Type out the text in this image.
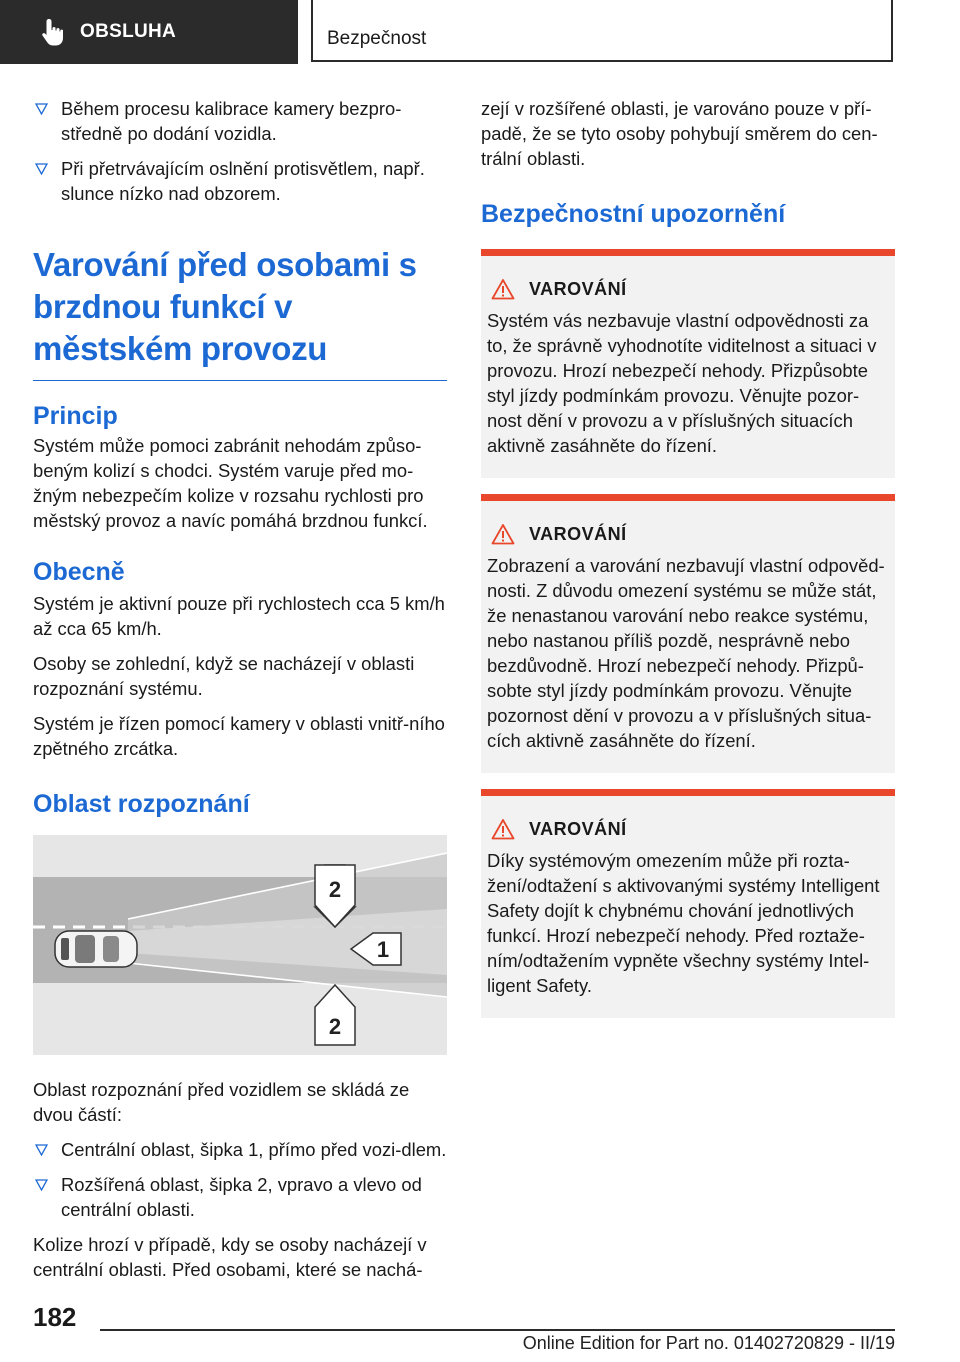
OBSLUHA	Bezpečnost
Během procesu kalibrace kamery bezpro-středně po dodání vozidla.
Při přetrvávajícím oslnění protisvětlem, např. slunce nízko nad obzorem.
Varování před osobami s brzdnou funkcí v městském provozu
Princip

Systém může pomoci zabránit nehodám způso-beným kolizí s chodci. Systém varuje před mo-žným nebezpečím kolize v rozsahu rychlosti pro městský provoz a navíc pomáhá brzdnou funkcí.

Obecně

Systém je aktivní pouze při rychlostech cca 5 km/h až cca 65 km/h.

Osoby se zohlední, když se nacházejí v oblasti rozpoznání systému.

Systém je řízen pomocí kamery v oblasti vnitř-ního zpětného zrcátka.

Oblast rozpoznání
2
1
2

Oblast rozpoznání před vozidlem se skládá ze dvou částí:

Centrální oblast, šipka 1, přímo před vozi-dlem.
Rozšířená oblast, šipka 2, vpravo a vlevo od centrální oblasti.

Kolize hrozí v případě, kdy se osoby nacházejí v centrální oblasti. Před osobami, které se nachá-

zejí v rozšířené oblasti, je varováno pouze v pří-padě, že se tyto osoby pohybují směrem do cen-trální oblasti.

Bezpečnostní upozornění
VAROVÁNÍ

Systém vás nezbavuje vlastní odpovědnosti za to, že správně vyhodnotíte viditelnost a situaci v provozu. Hrozí nebezpečí nehody. Přizpůsobte styl jízdy podmínkám provozu. Věnujte pozor-nost dění v provozu a v příslušných situacích aktivně zasáhněte do řízení.

VAROVÁNÍ

Zobrazení a varování nezbavují vlastní odpověd-nosti. Z důvodu omezení systému se může stát, že nenastanou varování nebo reakce systému, nebo nastanou příliš pozdě, nesprávně nebo bezdůvodně. Hrozí nebezpečí nehody. Přizpů-sobte styl jízdy podmínkám provozu. Věnujte pozornost dění v provozu a v příslušných situa-cích aktivně zasáhněte do řízení.

VAROVÁNÍ

Díky systémovým omezením může při rozta-žení/odtažení s aktivovanými systémy Intelligent Safety dojít k chybnému chování jednotlivých funkcí. Hrozí nebezpečí nehody. Před roztaže-ním/odtažením vypněte všechny systémy Intel-ligent Safety.

182
Online Edition for Part no. 01402720829 - II/19
